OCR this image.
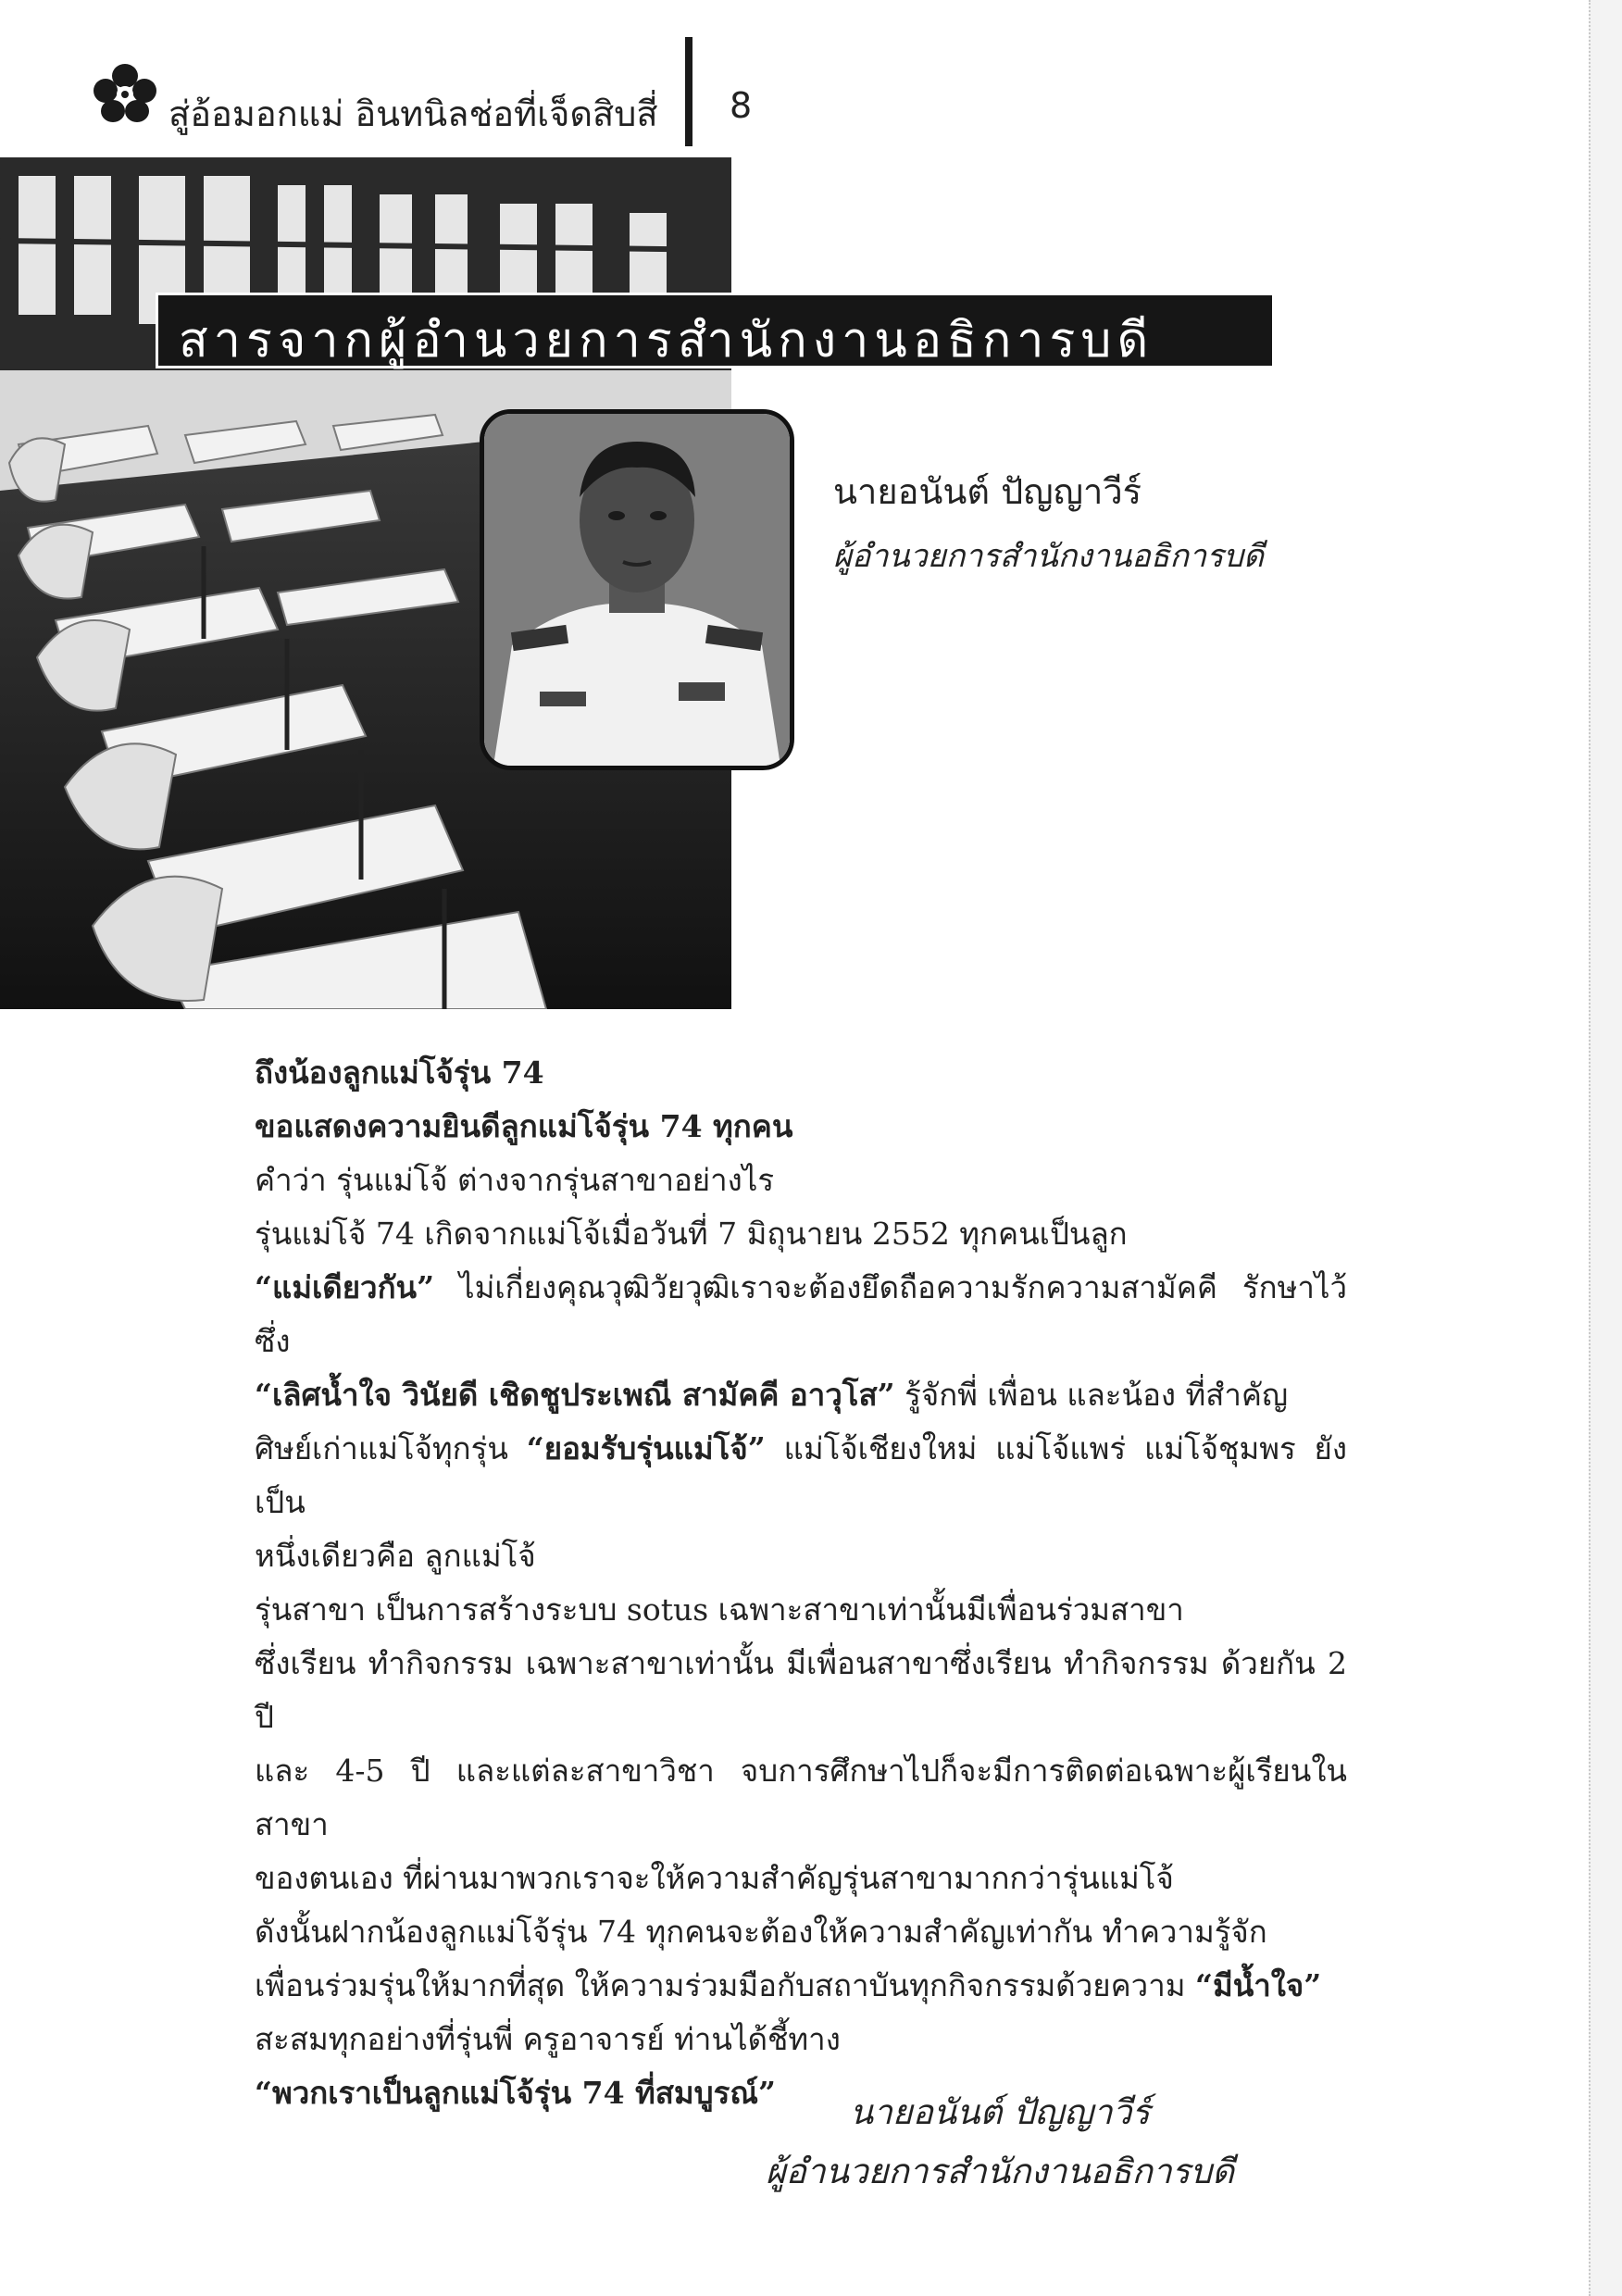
สู่อ้อมอกแม่ อินทนิลช่อที่เจ็ดสิบสี่ 8
สารจากผู้อำนวยการสำนักงานอธิการบดี
นายอนันต์ ปัญญาวีร์
ผู้อำนวยการสำนักงานอธิการบดี

ถึงน้องลูกแม่โจ้รุ่น 74

ขอแสดงความยินดีลูกแม่โจ้รุ่น 74 ทุกคน

คำว่า รุ่นแม่โจ้ ต่างจากรุ่นสาขาอย่างไร

รุ่นแม่โจ้ 74 เกิดจากแม่โจ้เมื่อวันที่ 7 มิถุนายน 2552 ทุกคนเป็นลูก

“แม่เดียวกัน” ไม่เกี่ยงคุณวุฒิวัยวุฒิเราจะต้องยึดถือความรักความสามัคคี รักษาไว้ซึ่ง

“เลิศน้ำใจ วินัยดี เชิดชูประเพณี สามัคคี อาวุโส” รู้จักพี่ เพื่อน และน้อง ที่สำคัญ

ศิษย์เก่าแม่โจ้ทุกรุ่น “ยอมรับรุ่นแม่โจ้” แม่โจ้เชียงใหม่ แม่โจ้แพร่ แม่โจ้ชุมพร ยังเป็น

หนึ่งเดียวคือ ลูกแม่โจ้

รุ่นสาขา เป็นการสร้างระบบ sotus เฉพาะสาขาเท่านั้นมีเพื่อนร่วมสาขา

ซึ่งเรียน ทำกิจกรรม เฉพาะสาขาเท่านั้น มีเพื่อนสาขาซึ่งเรียน ทำกิจกรรม ด้วยกัน 2 ปี

และ 4-5 ปี และแต่ละสาขาวิชา จบการศึกษาไปก็จะมีการติดต่อเฉพาะผู้เรียนในสาขา

ของตนเอง ที่ผ่านมาพวกเราจะให้ความสำคัญรุ่นสาขามากกว่ารุ่นแม่โจ้

ดังนั้นฝากน้องลูกแม่โจ้รุ่น 74 ทุกคนจะต้องให้ความสำคัญเท่ากัน ทำความรู้จัก

เพื่อนร่วมรุ่นให้มากที่สุด ให้ความร่วมมือกับสถาบันทุกกิจกรรมด้วยความ “มีน้ำใจ”

สะสมทุกอย่างที่รุ่นพี่ ครูอาจารย์ ท่านได้ชี้ทาง

“พวกเราเป็นลูกแม่โจ้รุ่น 74 ที่สมบูรณ์”	นายอนันต์ ปัญญาวีร์
ผู้อำนวยการสำนักงานอธิการบดี
